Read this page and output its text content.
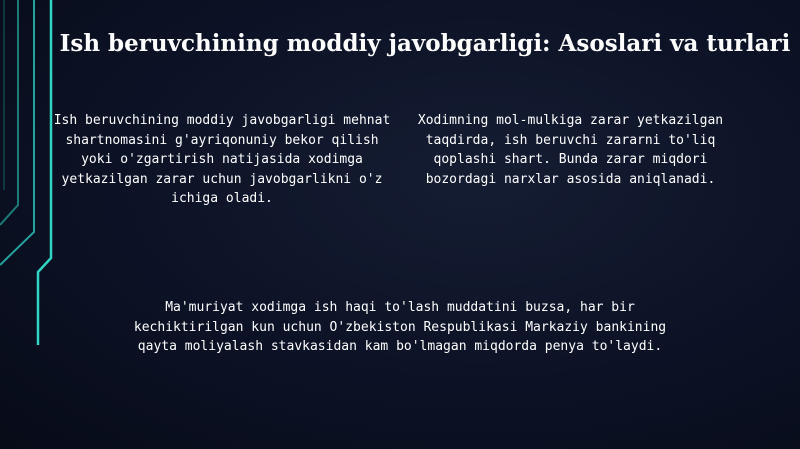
Ish beruvchining moddiy javobgarligi: Asoslari va turlari

Ish beruvchining moddiy javobgarligi mehnat shartnomasini g'ayriqonuniy bekor qilish yoki o'zgartirish natijasida xodimga yetkazilgan zarar uchun javobgarlikni o'z ichiga oladi.

Xodimning mol-mulkiga zarar yetkazilgan taqdirda, ish beruvchi zararni to'liq qoplashi shart. Bunda zarar miqdori bozordagi narxlar asosida aniqlanadi.

Ma'muriyat xodimga ish haqi to'lash muddatini buzsa, har bir kechiktirilgan kun uchun O'zbekiston Respublikasi Markaziy bankining qayta moliyalash stavkasidan kam bo'lmagan miqdorda penya to'laydi.
